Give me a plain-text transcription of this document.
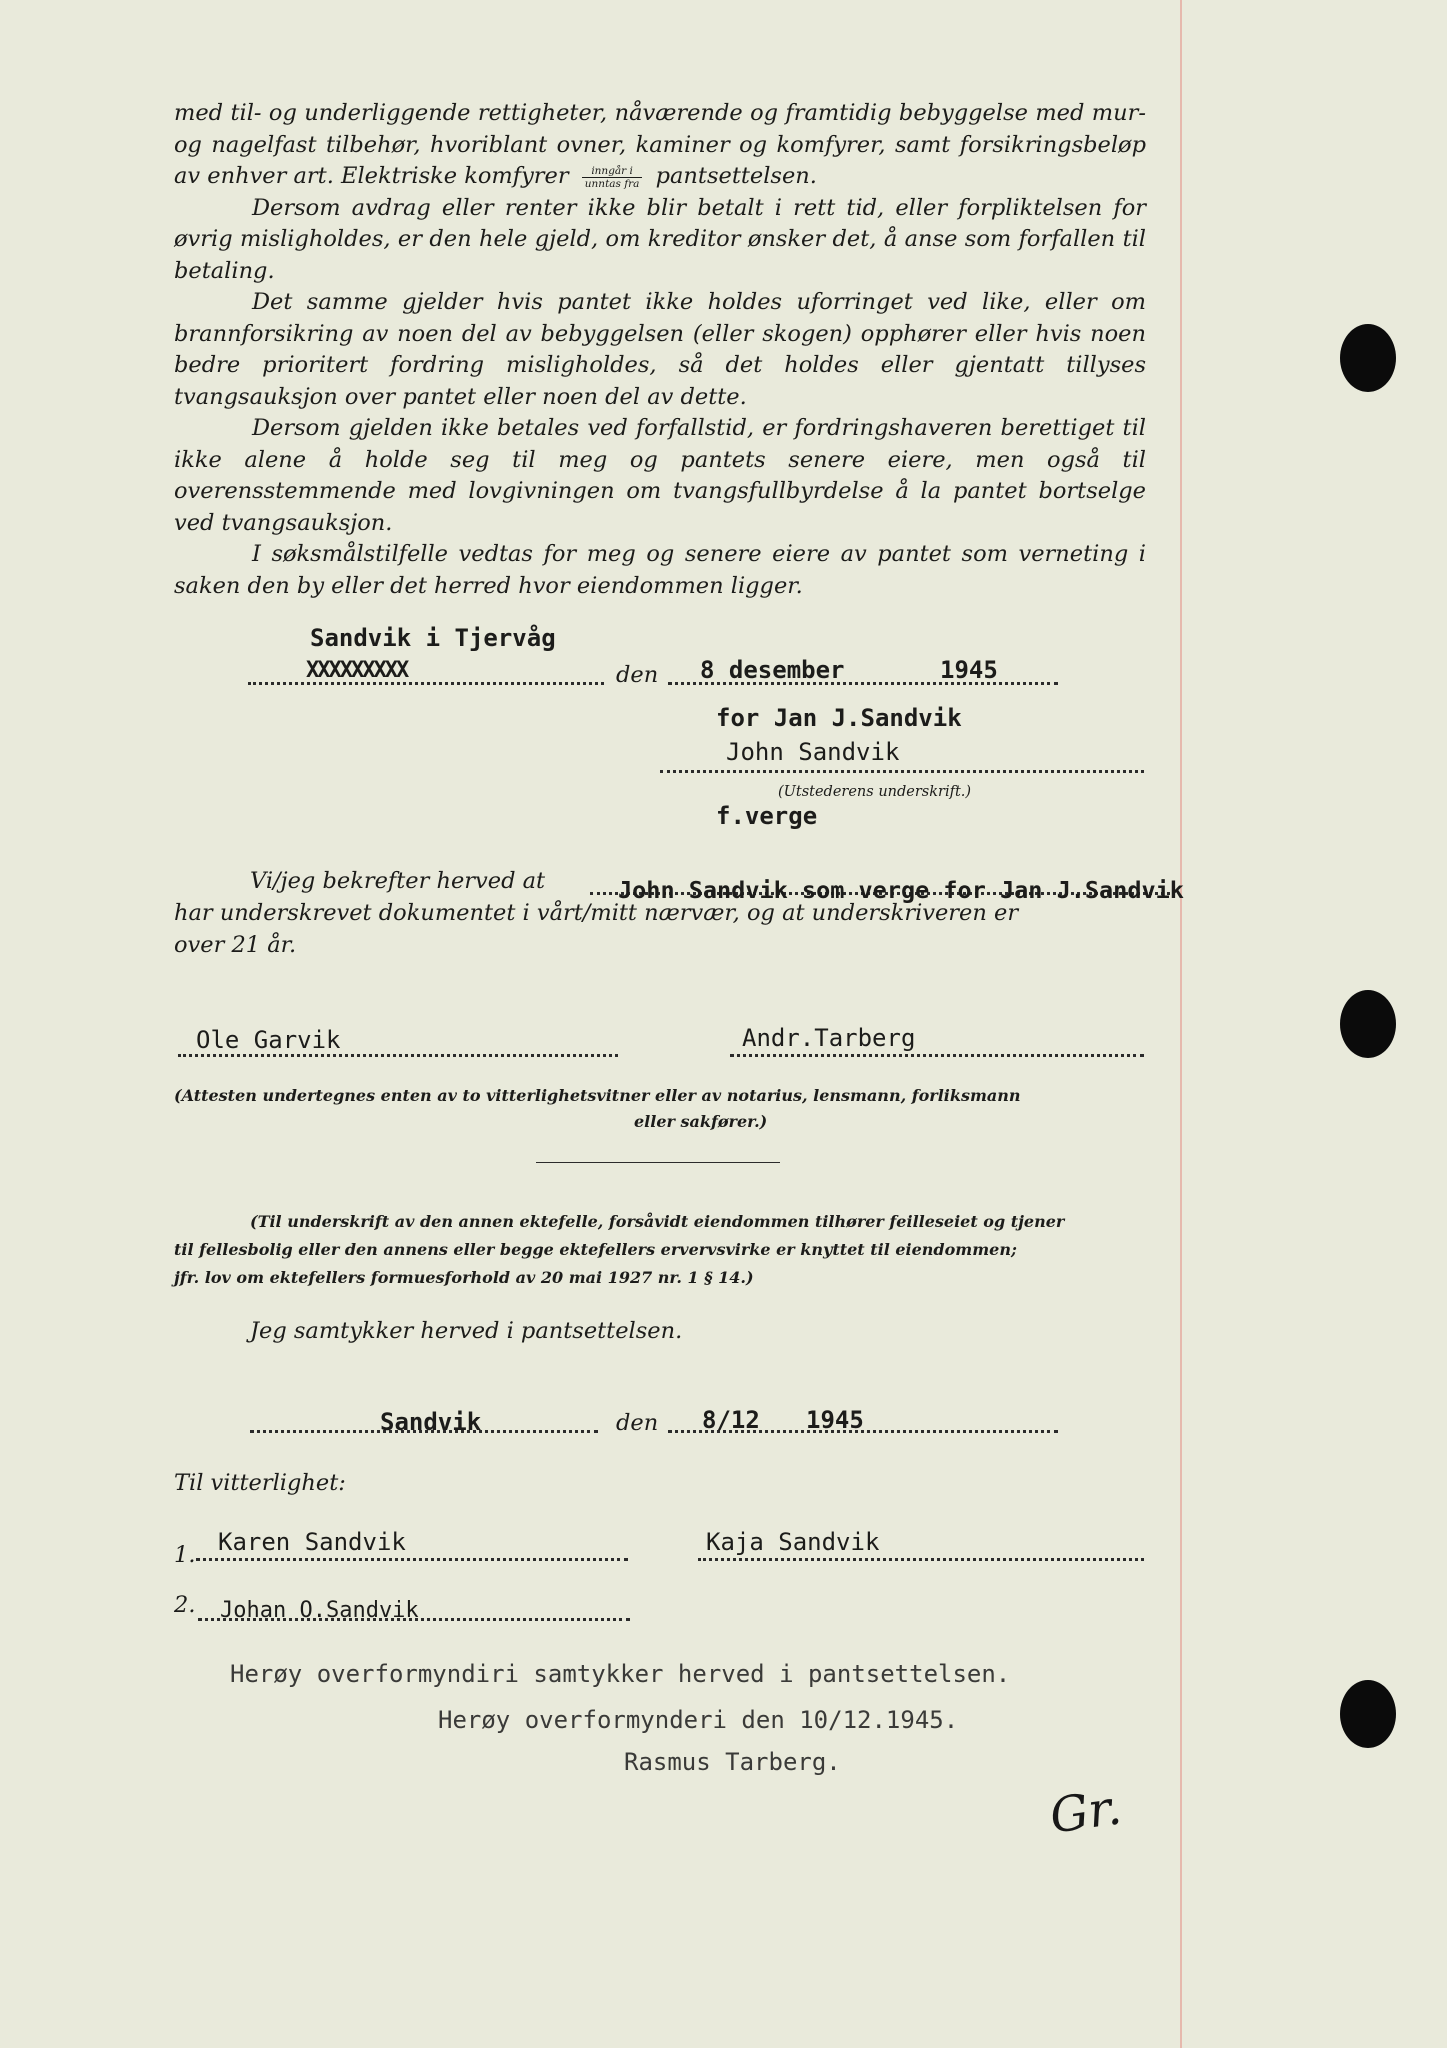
med til- og underliggende rettigheter, nåværende og framtidig bebyggelse med mur- og nagelfast tilbehør, hvoriblant ovner, kaminer og komfyrer, samt forsikringsbeløp av enhver art. Elektriske komfyrer $\frac{\text{inngår i}}{\text{unntas fra}}$ pantsettelsen.

Dersom avdrag eller renter ikke blir betalt i rett tid, eller forpliktelsen for øvrig misligholdes, er den hele gjeld, om kreditor ønsker det, å anse som forfallen til betaling.

Det samme gjelder hvis pantet ikke holdes uforringet ved like, eller om brannforsikring av noen del av bebyggelsen (eller skogen) opphører eller hvis noen bedre prioritert fordring misligholdes, så det holdes eller gjentatt tillyses tvangsauksjon over pantet eller noen del av dette.

Dersom gjelden ikke betales ved forfallstid, er fordringshaveren berettiget til ikke alene å holde seg til meg og pantets senere eiere, men også til overensstemmende med lovgivningen om tvangsfullbyrdelse å la pantet bortselge ved tvangsauksjon.

I søksmålstilfelle vedtas for meg og senere eiere av pantet som verneting i saken den by eller det herred hvor eiendommen ligger.

Sandvik i Tjervåg
XXXXXXXXX	den 8 desember	1945
for Jan J.Sandvik
John Sandvik
(Utstederens underskrift.)
f.verge
Vi/jeg bekrefter herved at	John Sandvik som verge for Jan J.Sandvik
har underskrevet dokumentet i vårt/mitt nærvær, og at underskriveren er
over 21 år.
Ole Garvik	Andr.Tarberg
(Attesten undertegnes enten av to vitterlighetsvitner eller av notarius, lensmann, forliksmann
eller sakfører.)
(Til underskrift av den annen ektefelle, forsåvidt eiendommen tilhører feilleseiet og tjener
til fellesbolig eller den annens eller begge ektefellers ervervsvirke er knyttet til eiendommen;
jfr. lov om ektefellers formuesforhold av 20 mai 1927 nr. 1 § 14.)
Jeg samtykker herved i pantsettelsen.
Sandvik	den 8/12 1945
Til vitterlighet:
1. Karen Sandvik	Kaja Sandvik
2. Johan O.Sandvik
Herøy overformyndiri samtykker herved i pantsettelsen.
Herøy overformynderi den 10/12.1945.
Rasmus Tarberg.
Gr.
